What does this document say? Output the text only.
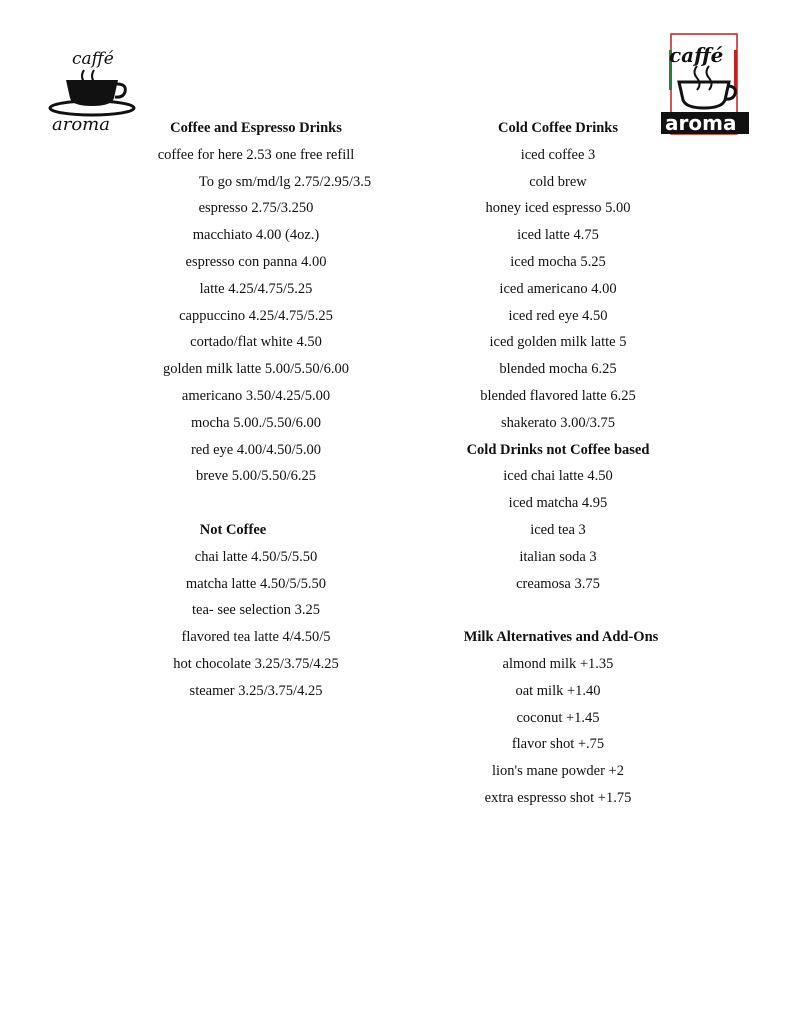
caffé
aroma
caffé
aroma
Coffee and Espresso Drinks
coffee for here 2.53 one free refill
To go sm/md/lg 2.75/2.95/3.5
espresso 2.75/3.250
macchiato 4.00 (4oz.)
espresso con panna 4.00
latte 4.25/4.75/5.25
cappuccino 4.25/4.75/5.25
cortado/flat white 4.50
golden milk latte 5.00/5.50/6.00
americano 3.50/4.25/5.00
mocha 5.00./5.50/6.00
red eye 4.00/4.50/5.00
breve 5.00/5.50/6.25
Not Coffee
chai latte 4.50/5/5.50
matcha latte 4.50/5/5.50
tea- see selection 3.25
flavored tea latte 4/4.50/5
hot chocolate 3.25/3.75/4.25
steamer 3.25/3.75/4.25
Cold Coffee Drinks
iced coffee 3
cold brew
honey iced espresso 5.00
iced latte 4.75
iced mocha 5.25
iced americano 4.00
iced red eye 4.50
iced golden milk latte 5
blended mocha 6.25
blended flavored latte 6.25
shakerato 3.00/3.75
Cold Drinks not Coffee based
iced chai latte 4.50
iced matcha 4.95
iced tea 3
italian soda 3
creamosa 3.75
Milk Alternatives and Add-Ons
almond milk +1.35
oat milk +1.40
coconut +1.45
flavor shot +.75
lion's mane powder +2
extra espresso shot +1.75
